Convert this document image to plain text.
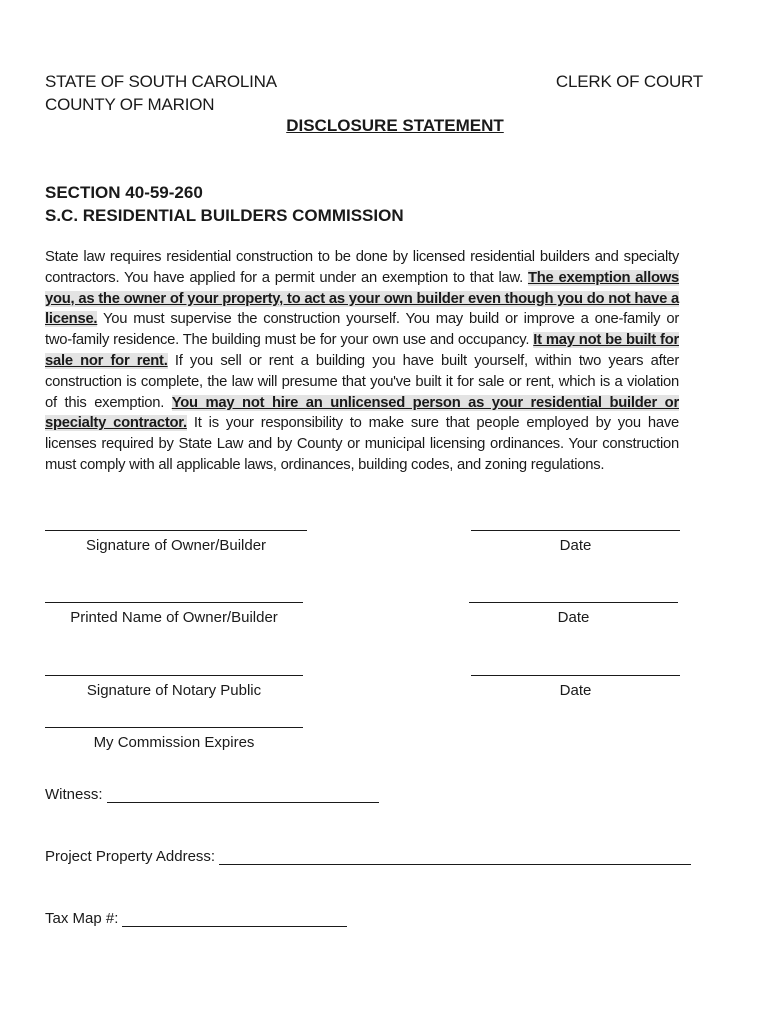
STATE OF SOUTH CAROLINA
COUNTY OF MARION
CLERK OF COURT
DISCLOSURE STATEMENT
SECTION 40-59-260
S.C. RESIDENTIAL BUILDERS COMMISSION
State law requires residential construction to be done by licensed residential builders and specialty contractors. You have applied for a permit under an exemption to that law. The exemption allows you, as the owner of your property, to act as your own builder even though you do not have a license. You must supervise the construction yourself. You may build or improve a one-family or two-family residence. The building must be for your own use and occupancy. It may not be built for sale nor for rent. If you sell or rent a building you have built yourself, within two years after construction is complete, the law will presume that you've built it for sale or rent, which is a violation of this exemption. You may not hire an unlicensed person as your residential builder or specialty contractor. It is your responsibility to make sure that people employed by you have licenses required by State Law and by County or municipal licensing ordinances. Your construction must comply with all applicable laws, ordinances, building codes, and zoning regulations.
Signature of Owner/Builder	Date
Printed Name of Owner/Builder	Date
Signature of Notary Public	Date
My Commission Expires
Witness:
Project Property Address:
Tax Map #:
